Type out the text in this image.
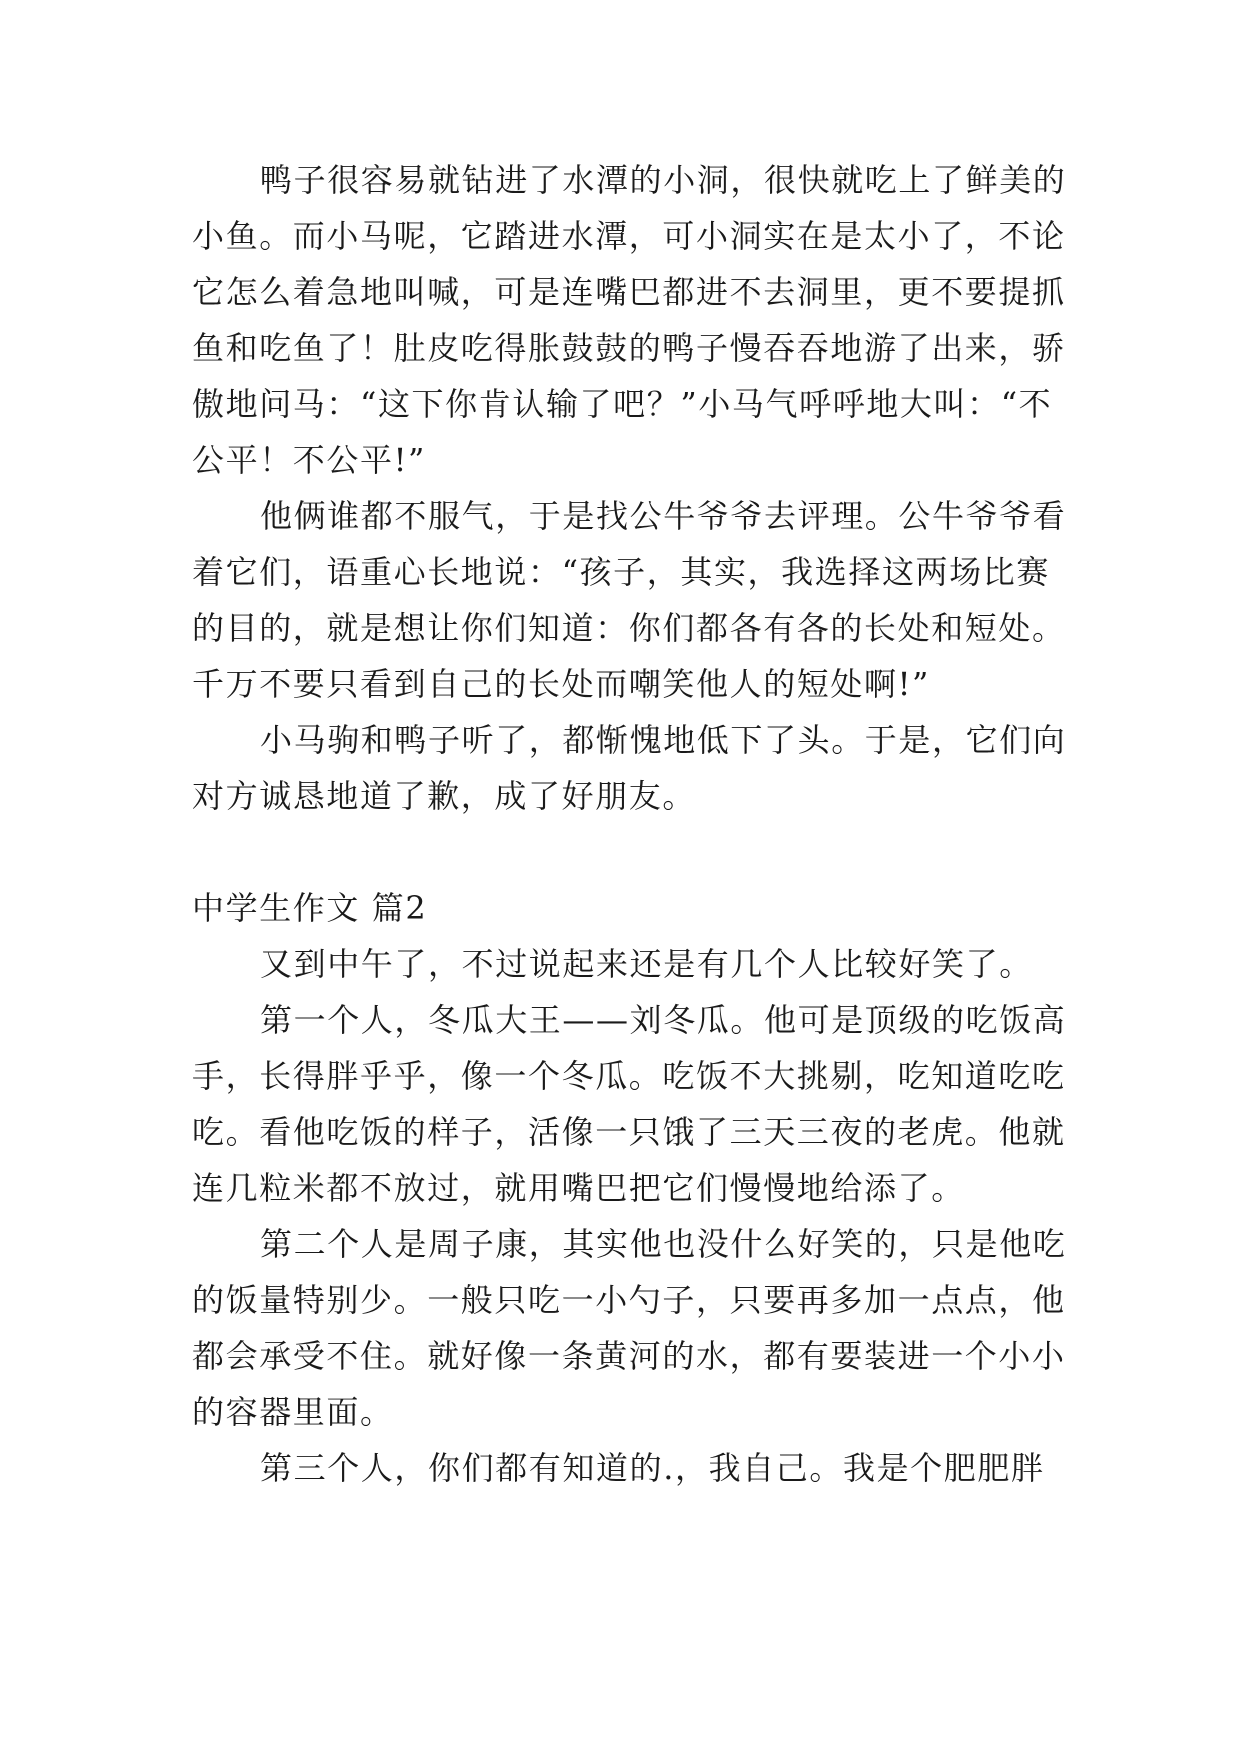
鸭子很容易就钻进了水潭的小洞，很快就吃上了鲜美的
小鱼。而小马呢，它踏进水潭，可小洞实在是太小了，不论
它怎么着急地叫喊，可是连嘴巴都进不去洞里，更不要提抓
鱼和吃鱼了！肚皮吃得胀鼓鼓的鸭子慢吞吞地游了出来，骄
傲地问马：“这下你肯认输了吧？”小马气呼呼地大叫：“不
公平！不公平!”
他俩谁都不服气，于是找公牛爷爷去评理。公牛爷爷看
着它们，语重心长地说：“孩子，其实，我选择这两场比赛
的目的，就是想让你们知道：你们都各有各的长处和短处。
千万不要只看到自己的长处而嘲笑他人的短处啊!”
小马驹和鸭子听了，都惭愧地低下了头。于是，它们向
对方诚恳地道了歉，成了好朋友。
中学生作文 篇2
又到中午了，不过说起来还是有几个人比较好笑了。
第一个人，冬瓜大王——刘冬瓜。他可是顶级的吃饭高
手，长得胖乎乎，像一个冬瓜。吃饭不大挑剔，吃知道吃吃
吃。看他吃饭的样子，活像一只饿了三天三夜的老虎。他就
连几粒米都不放过，就用嘴巴把它们慢慢地给添了。
第二个人是周子康，其实他也没什么好笑的，只是他吃
的饭量特别少。一般只吃一小勺子，只要再多加一点点，他
都会承受不住。就好像一条黄河的水，都有要装进一个小小
的容器里面。
第三个人，你们都有知道的.，我自己。我是个肥肥胖
